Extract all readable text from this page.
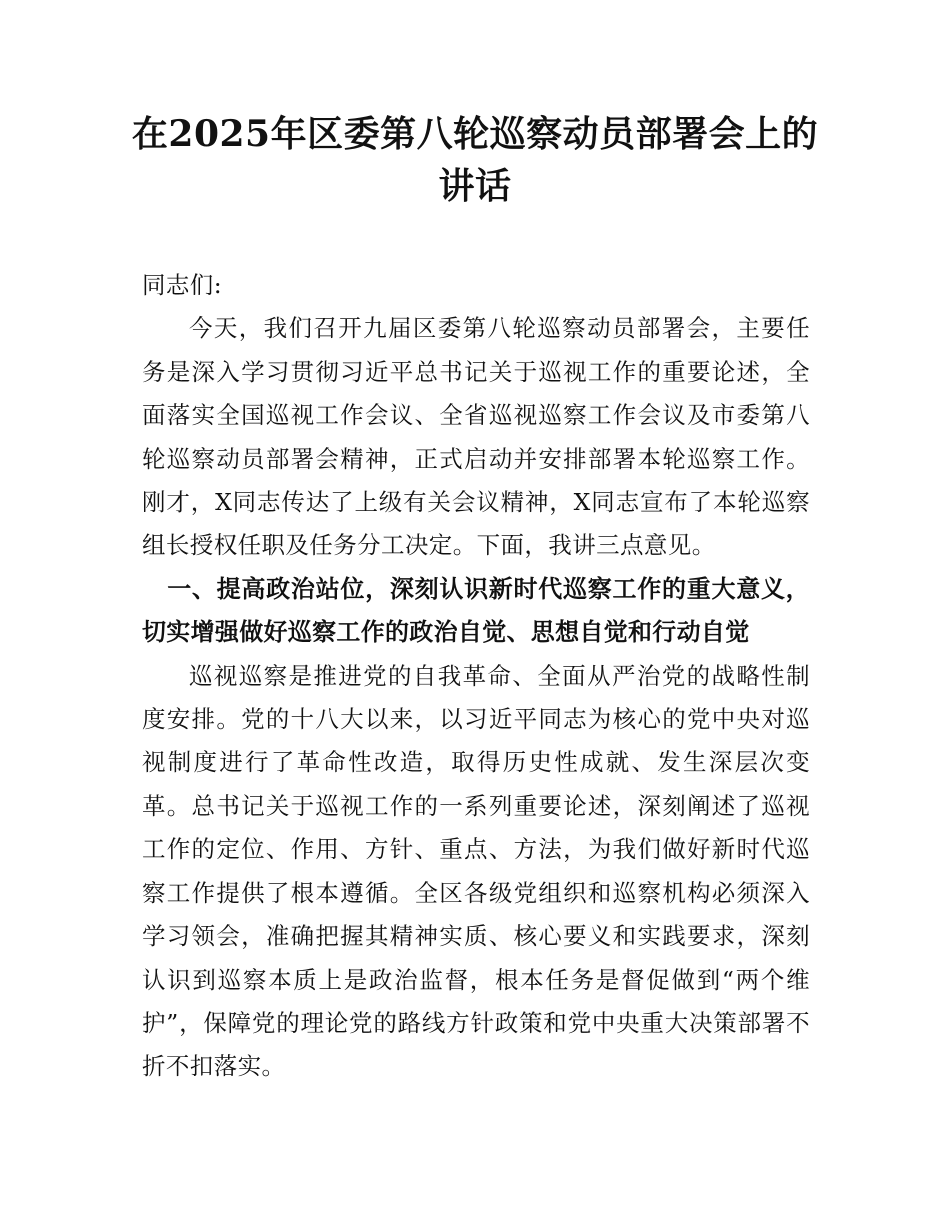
在2025年区委第八轮巡察动员部署会上的讲话

同志们:

今天，我们召开九届区委第八轮巡察动员部署会，主要任务是深入学习贯彻习近平总书记关于巡视工作的重要论述，全面落实全国巡视工作会议、全省巡视巡察工作会议及市委第八轮巡察动员部署会精神，正式启动并安排部署本轮巡察工作。刚才，X同志传达了上级有关会议精神，X同志宣布了本轮巡察组长授权任职及任务分工决定。下面，我讲三点意见。

一、提高政治站位，深刻认识新时代巡察工作的重大意义，切实增强做好巡察工作的政治自觉、思想自觉和行动自觉

巡视巡察是推进党的自我革命、全面从严治党的战略性制度安排。党的十八大以来，以习近平同志为核心的党中央对巡视制度进行了革命性改造，取得历史性成就、发生深层次变革。总书记关于巡视工作的一系列重要论述，深刻阐述了巡视工作的定位、作用、方针、重点、方法，为我们做好新时代巡察工作提供了根本遵循。全区各级党组织和巡察机构必须深入学习领会，准确把握其精神实质、核心要义和实践要求，深刻认识到巡察本质上是政治监督，根本任务是督促做到“两个维护”，保障党的理论党的路线方针政策和党中央重大决策部署不折不扣落实。
